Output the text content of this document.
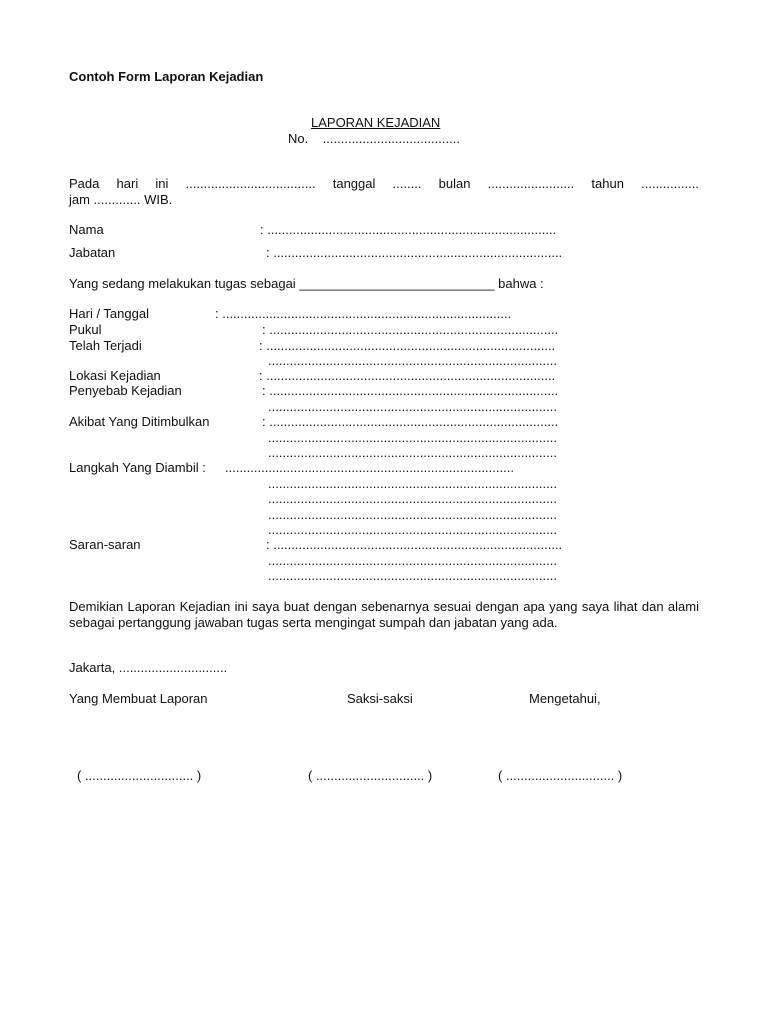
Contoh Form Laporan Kejadian
LAPORAN KEJADIAN
No.    ......................................
Pada hari ini .................................... tanggal ........ bulan ........................ tahun ................
jam ............. WIB.
Nama	: ................................................................................
Jabatan	: ................................................................................
Yang sedang melakukan tugas sebagai ___________________________ bahwa :
Hari / Tanggal	: ................................................................................
Pukul	: ................................................................................
Telah Terjadi	: ................................................................................
................................................................................
Lokasi Kejadian	: ................................................................................
Penyebab Kejadian	: ................................................................................
................................................................................
Akibat Yang Ditimbulkan	: ................................................................................
................................................................................
................................................................................
Langkah Yang Diambil : ................................................................................
................................................................................
................................................................................
................................................................................
................................................................................
Saran-saran	: ................................................................................
................................................................................
................................................................................
Demikian Laporan Kejadian ini saya buat dengan sebenarnya sesuai dengan apa yang saya lihat dan alami sebagai pertanggung jawaban tugas serta mengingat sumpah dan jabatan yang ada.
Jakarta, ..............................
Yang Membuat Laporan	Saksi-saksi	Mengetahui,
( .............................. )	( .............................. )	( .............................. )
